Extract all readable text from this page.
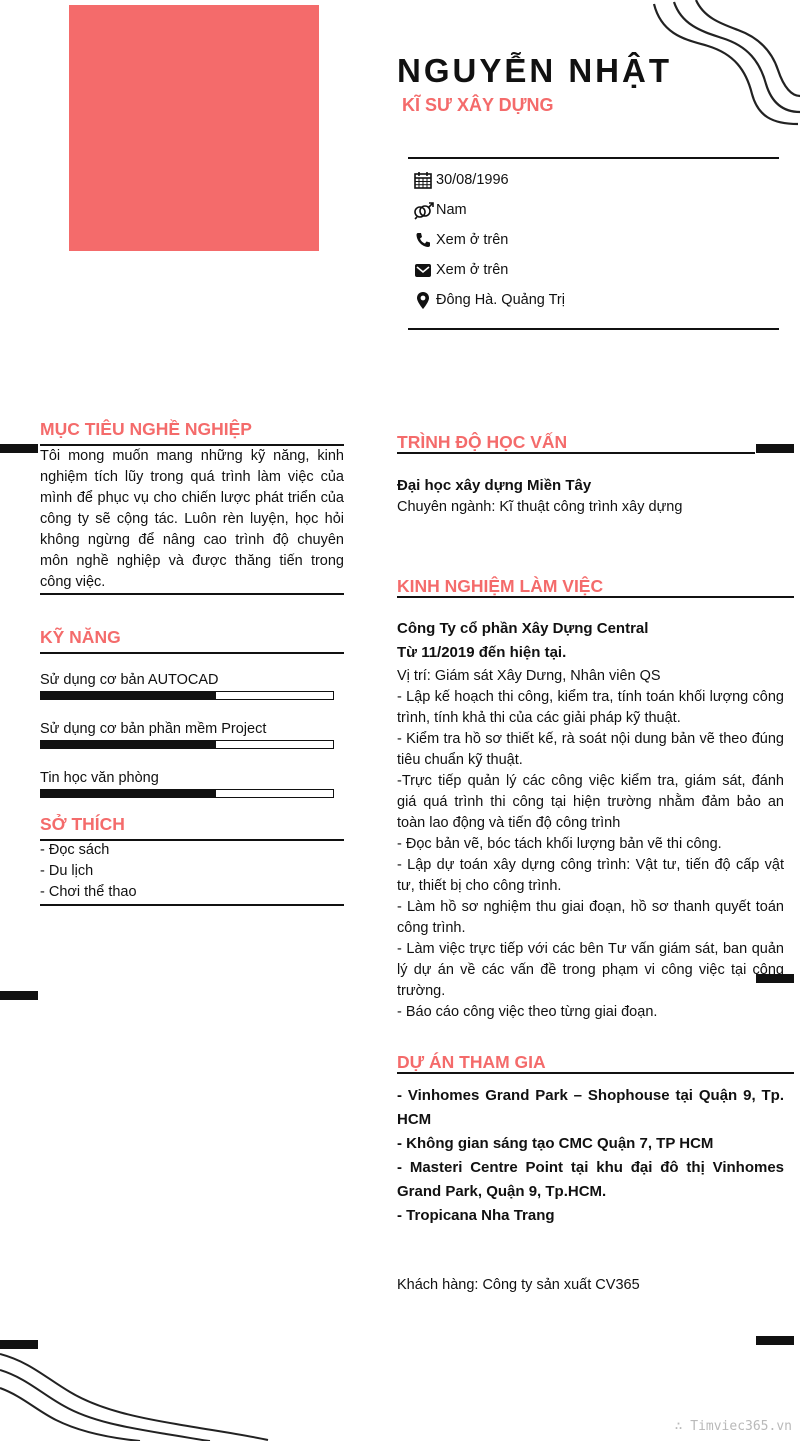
NGUYỄN NHẬT
KĨ SƯ XÂY DỰNG
30/08/1996
Nam
Xem ở trên
Xem ở trên
Đông Hà. Quảng Trị
MỤC TIÊU NGHỀ NGHIỆP
Tôi mong muốn mang những kỹ năng, kinh nghiệm tích lũy trong quá trình làm việc của mình để phục vụ cho chiến lược phát triển của công ty sẽ cộng tác. Luôn rèn luyện, học hỏi không ngừng để nâng cao trình độ chuyên môn nghề nghiệp và được thăng tiến trong công việc.
KỸ NĂNG
Sử dụng cơ bản AUTOCAD
Sử dụng cơ bản phần mềm Project
Tin học văn phòng
SỞ THÍCH
- Đọc sách
- Du lịch
- Chơi thể thao
TRÌNH ĐỘ HỌC VẤN
Đại học xây dựng Miền Tây
Chuyên ngành: Kĩ thuật công trình xây dựng
KINH NGHIỆM LÀM VIỆC
Công Ty cổ phần Xây Dựng Central
Từ 11/2019 đến hiện tại.
Vị trí: Giám sát Xây Dưng, Nhân viên QS
- Lập kế hoạch thi công, kiểm tra, tính toán khối lượng công trình, tính khả thi của các giải pháp kỹ thuật.
- Kiểm tra hồ sơ thiết kế, rà soát nội dung bản vẽ theo đúng tiêu chuẩn kỹ thuật.
-Trực tiếp quản lý các công việc kiểm tra, giám sát, đánh giá quá trình thi công tại hiện trường nhằm đảm bảo an toàn lao động và tiến độ công trình
- Đọc bản vẽ, bóc tách khối lượng bản vẽ thi công.
- Lập dự toán xây dựng công trình: Vật tư, tiến độ cấp vật tư, thiết bị cho công trình.
- Làm hồ sơ nghiệm thu giai đoạn, hồ sơ thanh quyết toán công trình.
- Làm việc trực tiếp với các bên Tư vấn giám sát, ban quản lý dự án về các vấn đề trong phạm vi công việc tại công trường.
- Báo cáo công việc theo từng giai đoạn.
DỰ ÁN THAM GIA
- Vinhomes Grand Park – Shophouse tại Quận 9, Tp. HCM
- Không gian sáng tạo CMC Quận 7, TP HCM
- Masteri Centre Point tại khu đại đô thị Vinhomes Grand Park, Quận 9, Tp.HCM.
- Tropicana Nha Trang
Khách hàng: Công ty sản xuất CV365
∴ Timviec365.vn
